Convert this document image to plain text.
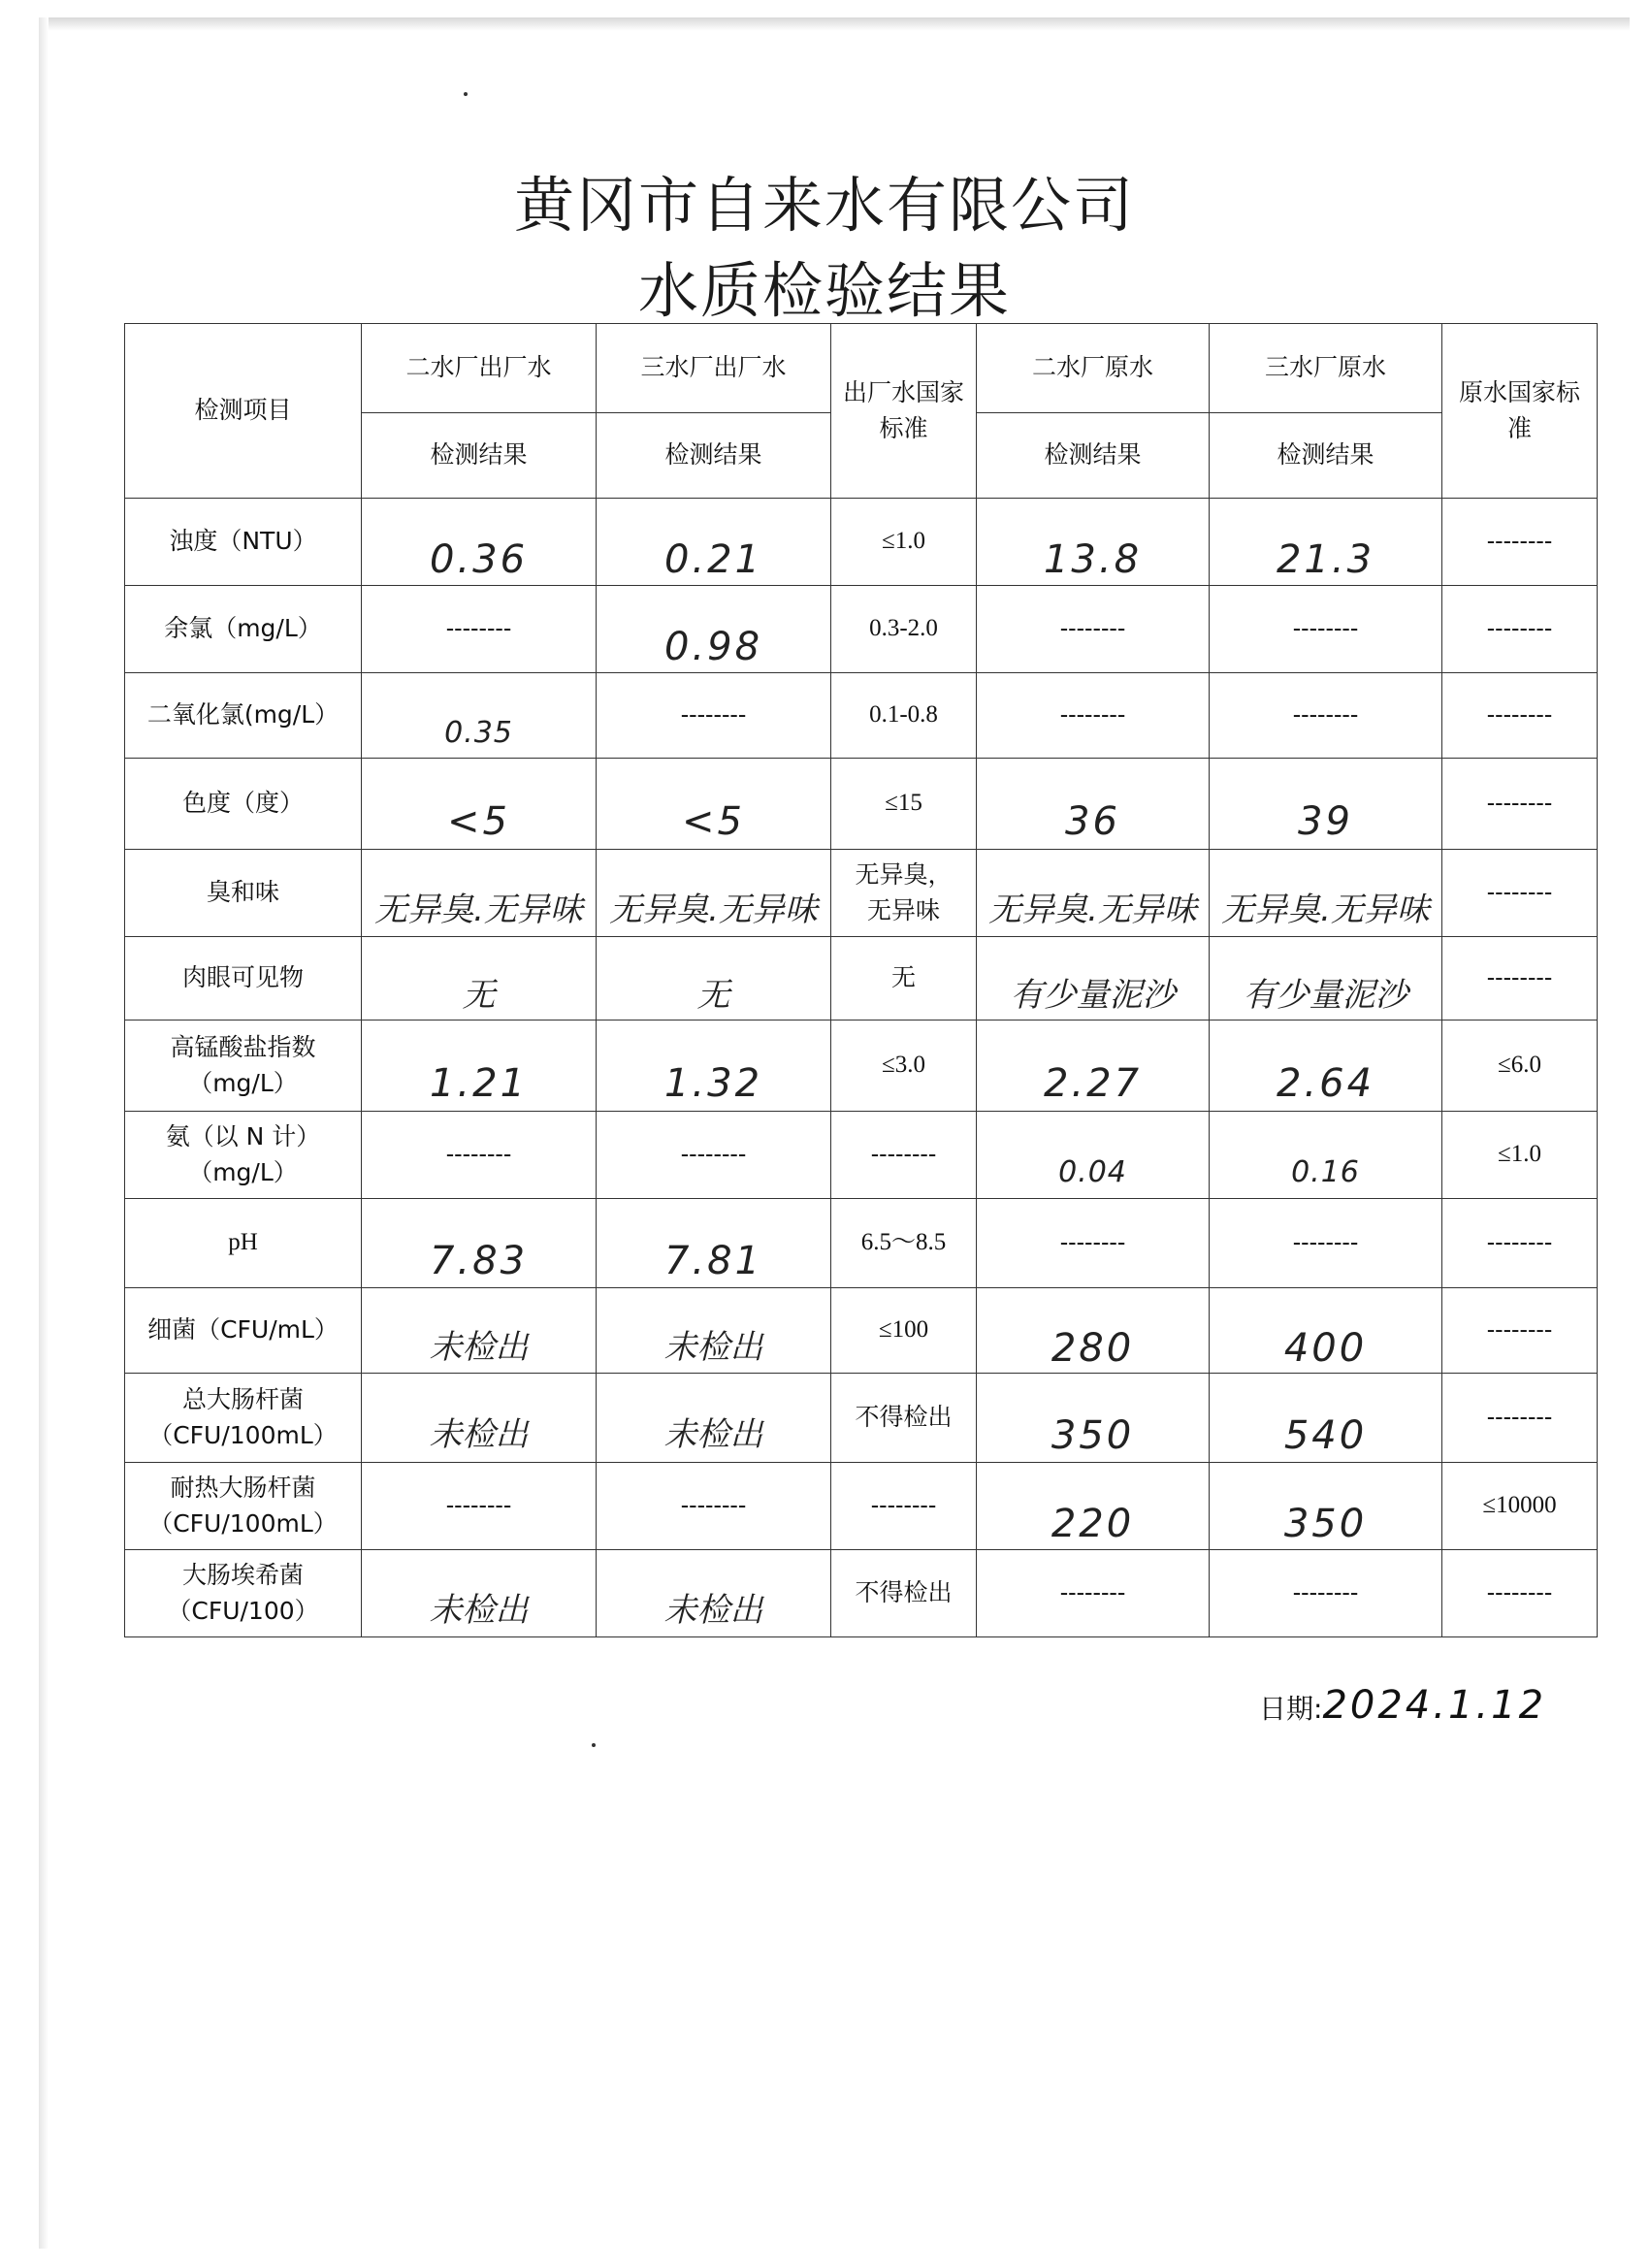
黄冈市自来水有限公司
水质检验结果
检测项目	二水厂出厂水	三水厂出厂水	出厂水国家标准	二水厂原水	三水厂原水	原水国家标准
	检测结果	检测结果		检测结果	检测结果	
浊度（NTU）	0.36	0.21	≤1.0	13.8	21.3	--------
余氯（mg/L）	--------	0.98	0.3-2.0	--------	--------	--------
二氧化氯(mg/L）	0.35	--------	0.1-0.8	--------	--------	--------
色度（度）	<5	<5	≤15	36	39	--------
臭和味	无异臭.无异味	无异臭.无异味	无异臭，无异味	无异臭.无异味	无异臭.无异味	--------
肉眼可见物	无	无	无	有少量泥沙	有少量泥沙	--------
高锰酸盐指数（mg/L）	1.21	1.32	≤3.0	2.27	2.64	≤6.0
氨（以 N 计）（mg/L）	--------	--------	--------	0.04	0.16	≤1.0
pH	7.83	7.81	6.5～8.5	--------	--------	--------
细菌（CFU/mL）	未检出	未检出	≤100	280	400	--------
总大肠杆菌（CFU/100mL）	未检出	未检出	不得检出	350	540	--------
耐热大肠杆菌（CFU/100mL）	--------	--------	--------	220	350	≤10000
大肠埃希菌（CFU/100）	未检出	未检出	不得检出	--------	--------	--------
日期:2024.1.12
